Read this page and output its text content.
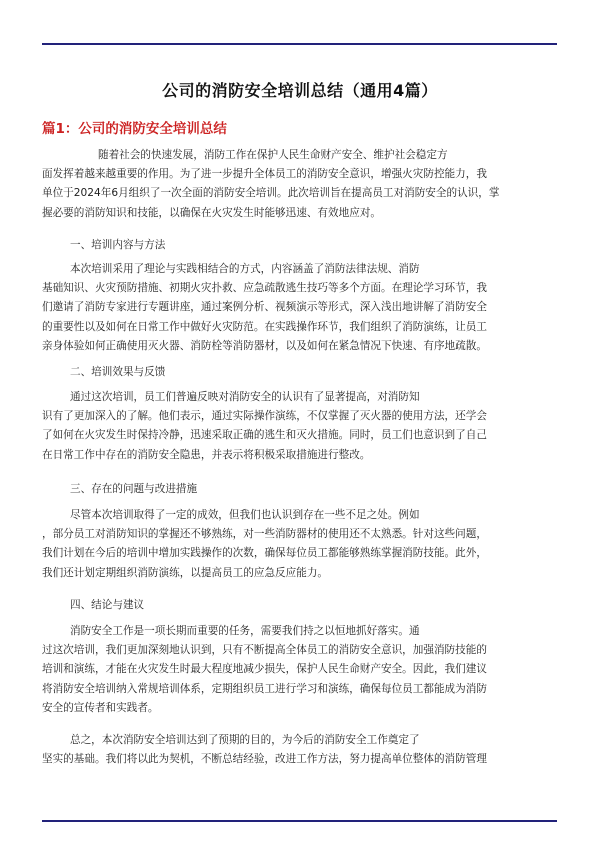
公司的消防安全培训总结（通用4篇）
篇1：公司的消防安全培训总结
随着社会的快速发展，消防工作在保护人民生命财产安全、维护社会稳定方
面发挥着越来越重要的作用。为了进一步提升全体员工的消防安全意识，增强火灾防控能力，我
单位于2024年6月组织了一次全面的消防安全培训。此次培训旨在提高员工对消防安全的认识，掌
握必要的消防知识和技能，以确保在火灾发生时能够迅速、有效地应对。
一、培训内容与方法
本次培训采用了理论与实践相结合的方式，内容涵盖了消防法律法规、消防
基础知识、火灾预防措施、初期火灾扑救、应急疏散逃生技巧等多个方面。在理论学习环节，我
们邀请了消防专家进行专题讲座，通过案例分析、视频演示等形式，深入浅出地讲解了消防安全
的重要性以及如何在日常工作中做好火灾防范。在实践操作环节，我们组织了消防演练，让员工
亲身体验如何正确使用灭火器、消防栓等消防器材，以及如何在紧急情况下快速、有序地疏散。
二、培训效果与反馈
通过这次培训，员工们普遍反映对消防安全的认识有了显著提高，对消防知
识有了更加深入的了解。他们表示，通过实际操作演练，不仅掌握了灭火器的使用方法，还学会
了如何在火灾发生时保持冷静，迅速采取正确的逃生和灭火措施。同时，员工们也意识到了自己
在日常工作中存在的消防安全隐患，并表示将积极采取措施进行整改。
三、存在的问题与改进措施
尽管本次培训取得了一定的成效，但我们也认识到存在一些不足之处。例如
，部分员工对消防知识的掌握还不够熟练，对一些消防器材的使用还不太熟悉。针对这些问题，
我们计划在今后的培训中增加实践操作的次数，确保每位员工都能够熟练掌握消防技能。此外，
我们还计划定期组织消防演练，以提高员工的应急反应能力。
四、结论与建议
消防安全工作是一项长期而重要的任务，需要我们持之以恒地抓好落实。通
过这次培训，我们更加深刻地认识到，只有不断提高全体员工的消防安全意识，加强消防技能的
培训和演练，才能在火灾发生时最大程度地减少损失，保护人民生命财产安全。因此，我们建议
将消防安全培训纳入常规培训体系，定期组织员工进行学习和演练，确保每位员工都能成为消防
安全的宣传者和实践者。
总之，本次消防安全培训达到了预期的目的，为今后的消防安全工作奠定了
坚实的基础。我们将以此为契机，不断总结经验，改进工作方法，努力提高单位整体的消防管理
